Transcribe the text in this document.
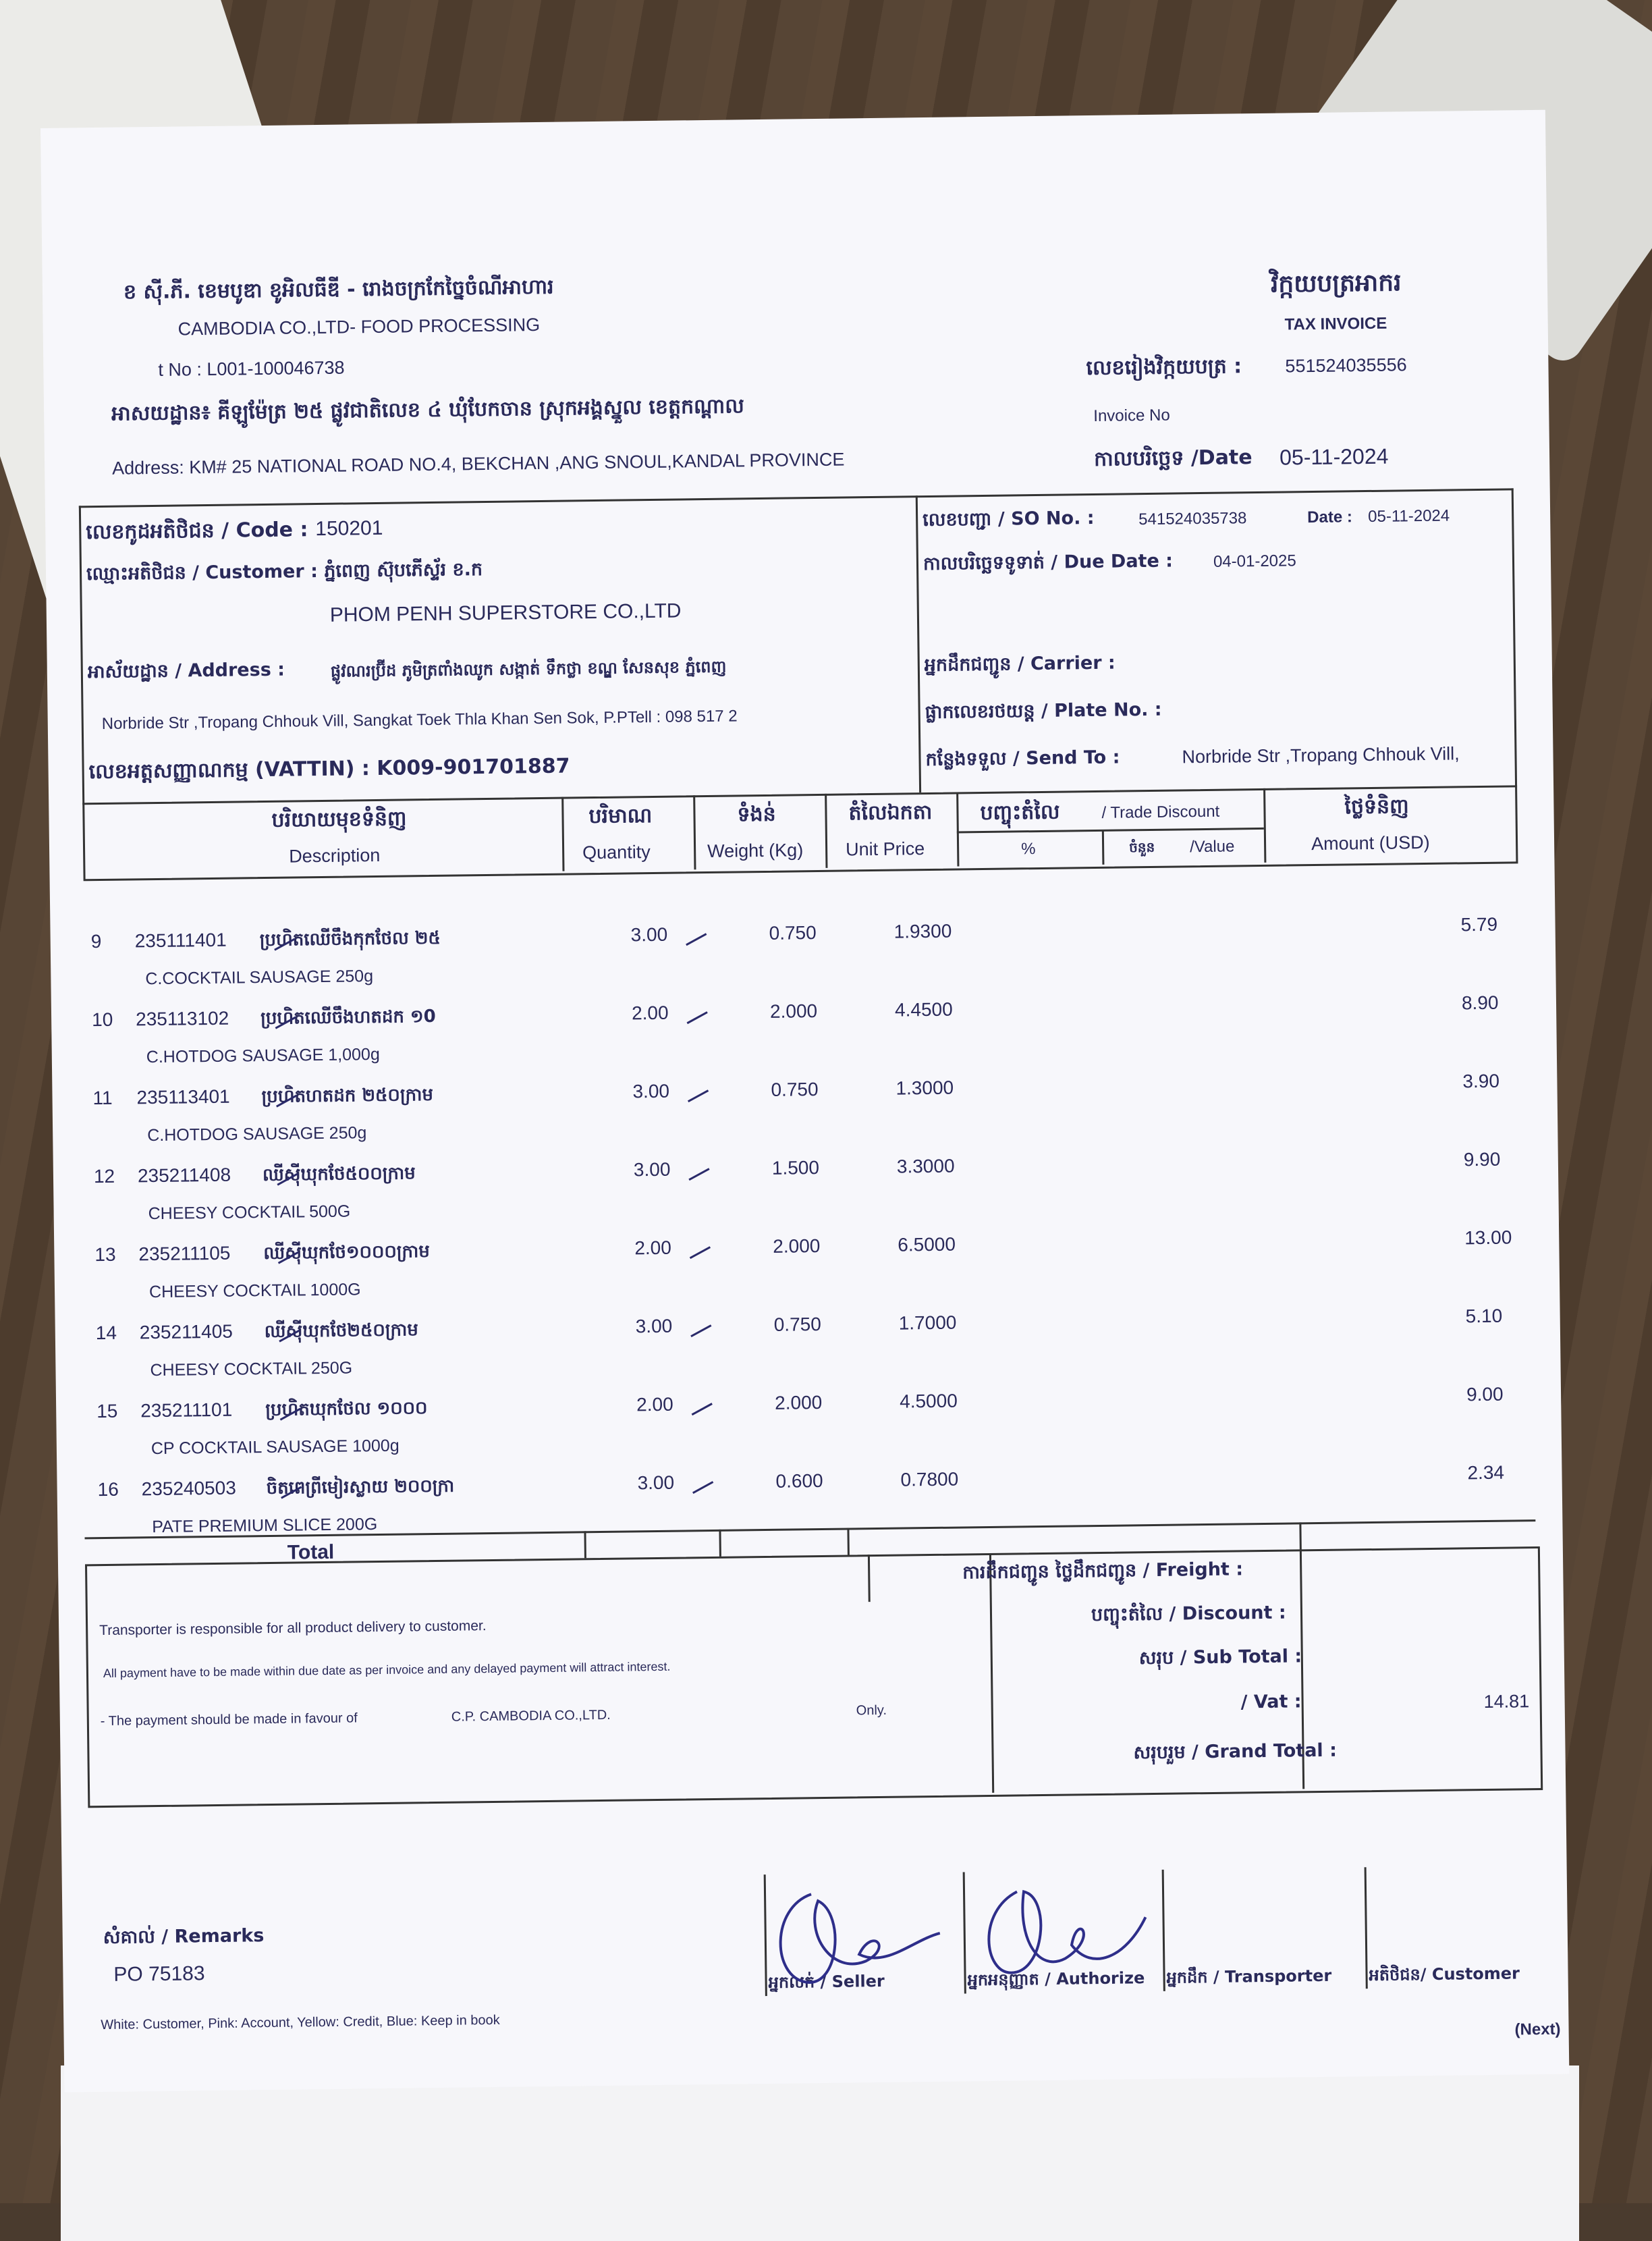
ខ សុី.ភី. ខេមបូឌា ខូអិលធីឌី - រោងចក្រកែច្នៃចំណីអាហារ
CAMBODIA CO.,LTD- FOOD PROCESSING
t No : L001-100046738
អាសយដ្ឋាន៖ គីឡូម៉ែត្រ ២៥ ផ្លូវជាតិលេខ ៤ ឃុំបែកចាន ស្រុកអង្គស្នួល ខេត្តកណ្ដាល
Address: KM# 25 NATIONAL ROAD NO.4, BEKCHAN ,ANG SNOUL,KANDAL PROVINCE
វិក្កយបត្រអាករ
TAX INVOICE
លេខរៀងវិក្កយបត្រ : 551524035556
Invoice No
កាលបរិច្ឆេទ /Date 05-11-2024
លេខកូដអតិថិជន / Code : 150201
ឈ្មោះអតិថិជន / Customer : ភ្នំពេញ ស៊ុបភើស្ទ័រ ខ.ក
PHOM PENH SUPERSTORE CO.,LTD
អាស័យដ្ឋាន / Address :	ផ្លូវណរប្រ៊ីដ ភូមិត្រពាំងឈូក សង្កាត់ ទឹកថ្លា ខណ្ឌ សែនសុខ ភ្នំពេញ
Norbride Str ,Tropang Chhouk Vill, Sangkat Toek Thla Khan Sen Sok, P.PTell : 098 517 2
លេខអត្តសញ្ញាណកម្ម (VATTIN) : K009-901701887
លេខបញ្ជា / SO No. :	541524035738	Date : 05-11-2024
កាលបរិច្ឆេទទូទាត់ / Due Date : 04-01-2025
អ្នកដឹកជញ្ជូន / Carrier :
ផ្លាកលេខរថយន្ត / Plate No. :
កន្លែងទទួល / Send To :	Norbride Str ,Tropang Chhouk Vill,
បរិយាយមុខទំនិញ
Description
បរិមាណ
Quantity
ទំងន់
Weight (Kg)
តំលៃឯកតា
Unit Price
បញ្ចុះតំលៃ	/ Trade Discount
%	ចំនួន /Value
ថ្លៃទំនិញ
Amount (USD)
9 235111401 ប្រហិតឈើចឹងកុកថែល ២៥	3.00	0.750	1.9300	5.79
C.COCKTAIL SAUSAGE 250g
10 235113102 ប្រហិតឈើចឹងហតដក ១0	2.00	2.000	4.4500	8.90
C.HOTDOG SAUSAGE 1,000g
11 235113401 ប្រហិតហតដក ២៥០ក្រាម	3.00	0.750	1.3000	3.90
C.HOTDOG SAUSAGE 250g
12 235211408 ឈីស៊ីឃុកថែ៥០០ក្រាម	3.00	1.500	3.3000	9.90
CHEESY COCKTAIL 500G
13 235211105 ឈីស៊ីឃុកថែ១០០០ក្រាម	2.00	2.000	6.5000	13.00
CHEESY COCKTAIL 1000G
14 235211405 ឈីស៊ីឃុកថែ២៥០ក្រាម	3.00	0.750	1.7000	5.10
CHEESY COCKTAIL 250G
15 235211101 ប្រហិតឃុកថែល ១០០០	2.00	2.000	4.5000	9.00
CP COCKTAIL SAUSAGE 1000g
16 235240503 ចិតពេព្រីមៀរស្លាយ ២០០ក្រា	3.00	0.600	0.7800	2.34
PATE PREMIUM SLICE 200G
Total
ការដឹកជញ្ជូន ថ្លៃដឹកជញ្ជូន / Freight :
បញ្ចុះតំលៃ / Discount :
សរុប / Sub Total :
/ Vat :	14.81
សរុបរួម / Grand Total :
Transporter is responsible for all product delivery to customer.
All payment have to be made within due date as per invoice and any delayed payment will attract interest.
- The payment should be made in favour of	C.P. CAMBODIA CO.,LTD.	Only.
សំគាល់ / Remarks
PO 75183	អ្នកលក់ / Seller	អ្នកអនុញ្ញាត / Authorize អ្នកដឹក / Transporter អតិថិជន/ Customer
White: Customer, Pink: Account, Yellow: Credit, Blue: Keep in book	(Next)
